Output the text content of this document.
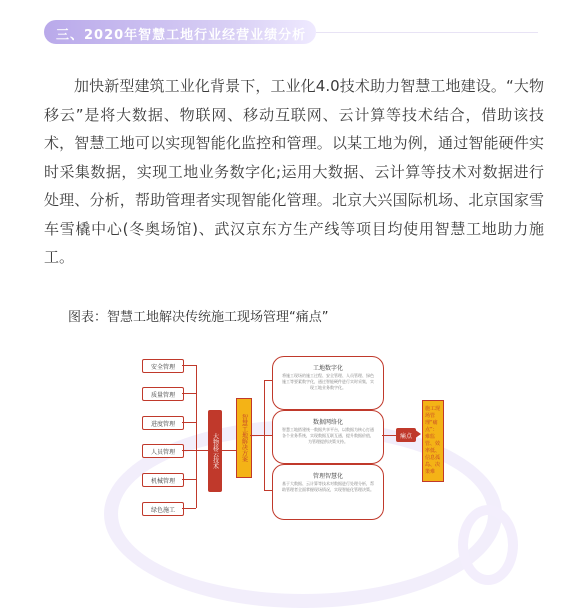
三、2020年智慧工地行业经营业绩分析

加快新型建筑工业化背景下，工业化4.0技术助力智慧工地建设。“大物移云”是将大数据、物联网、移动互联网、云计算等技术结合，借助该技术，智慧工地可以实现智能化监控和管理。以某工地为例，通过智能硬件实时采集数据，实现工地业务数字化;运用大数据、云计算等技术对数据进行处理、分析，帮助管理者实现智能化管理。北京大兴国际机场、北京国家雪车雪橇中心(冬奥场馆)、武汉京东方生产线等项目均使用智慧工地助力施工。

图表：智慧工地解决传统施工现场管理“痛点”
安全管理
质量管理
进度管理
人员管理
机械管理
绿色施工
大物移云技术	智慧工地解决方案
工地数字化
将施工现场的施工过程、安全管理、人员管理、绿色施工等要素数字化，通过智能硬件进行实时采集，实现工地业务数字化。
数据网络化
智慧工地搭建统一数据共享平台，以数据为核心打通各个业务系统，实现数据互联互通，提升数据价值，为管理提供决策支持。
管理智慧化
基于大数据、云计算等技术对数据进行处理分析，帮助管理者全面掌握现场情况，实现智能化管理决策。
痛点
施工现场管理“痛点”：难监管、效率低、信息孤岛、决策难
